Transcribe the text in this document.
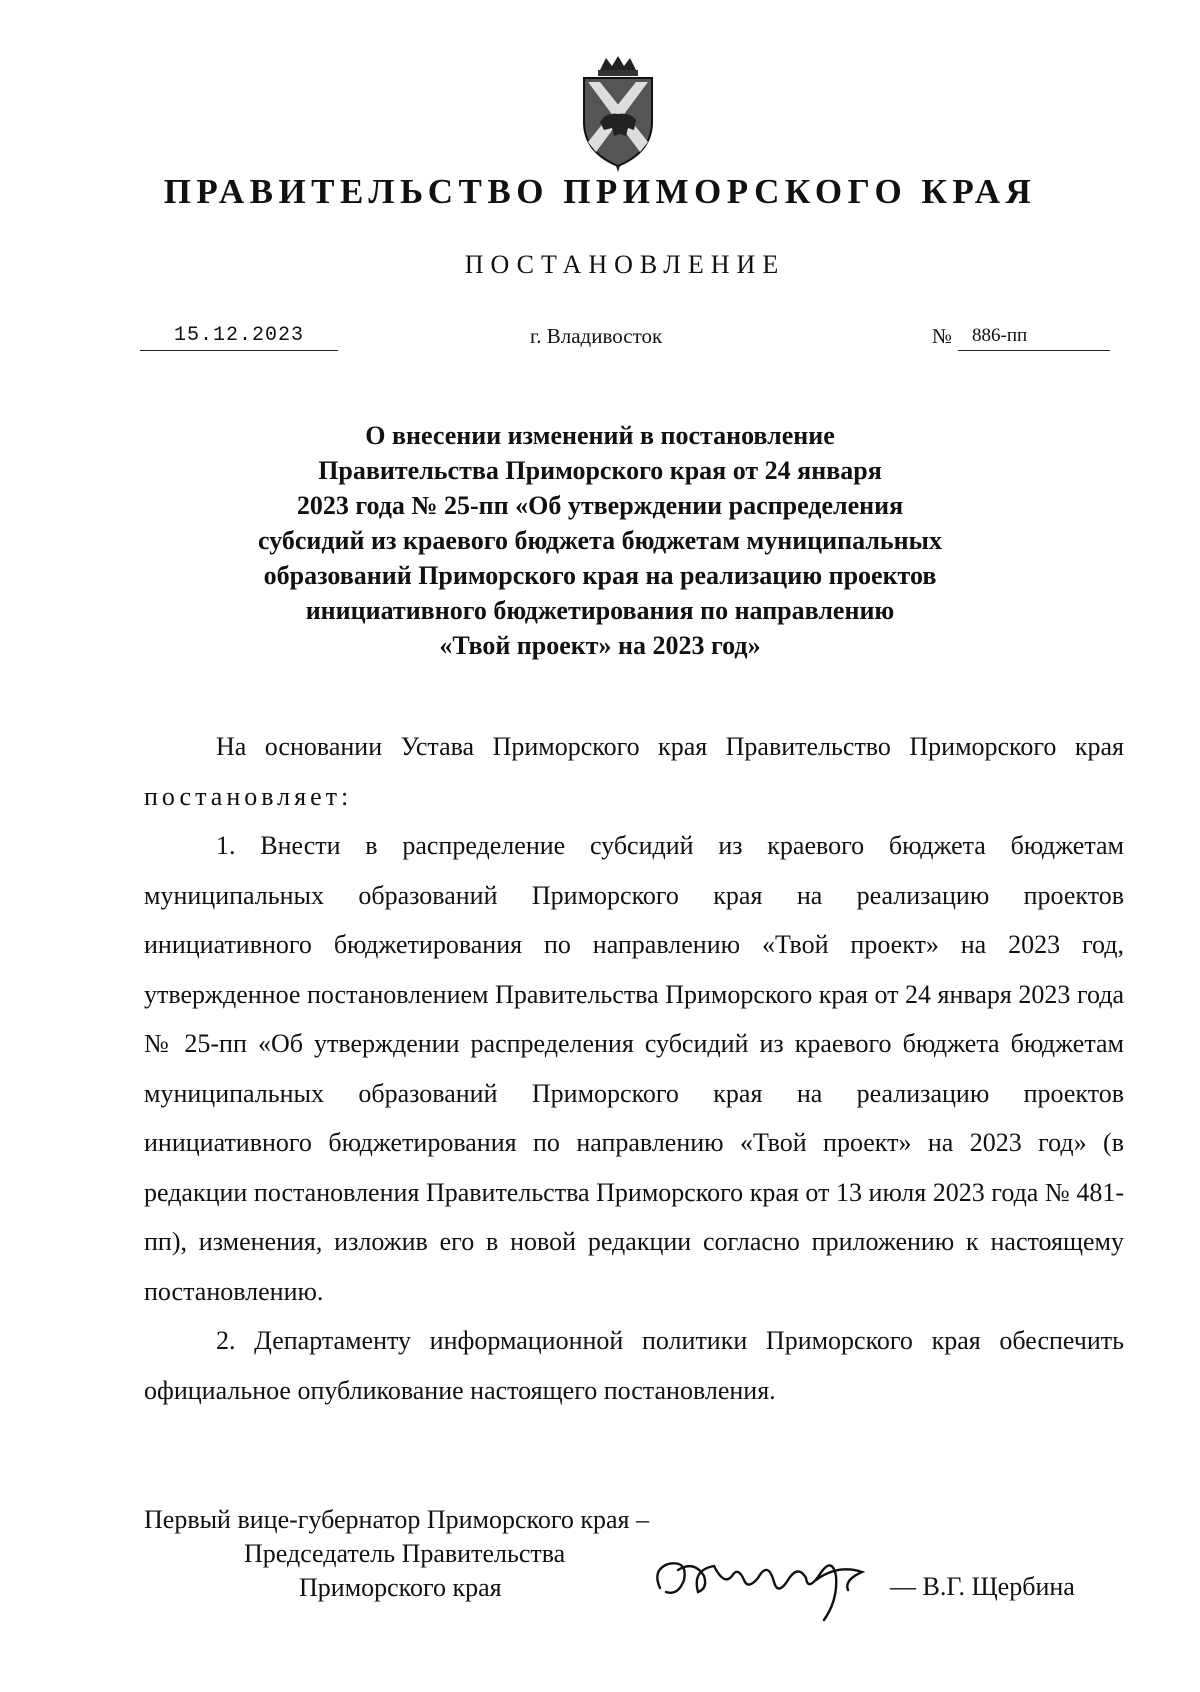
ПРАВИТЕЛЬСТВО ПРИМОРСКОГО КРАЯ
ПОСТАНОВЛЕНИЕ
15.12.2023	г. Владивосток	№	886-пп
О внесении изменений в постановление
Правительства Приморского края от 24 января
2023 года № 25-пп «Об утверждении распределения
субсидий из краевого бюджета бюджетам муниципальных
образований Приморского края на реализацию проектов
инициативного бюджетирования по направлению
«Твой проект» на 2023 год»

На основании Устава Приморского края Правительство Приморского края постановляет:

1. Внести в распределение субсидий из краевого бюджета бюджетам муниципальных образований Приморского края на реализацию проектов инициативного бюджетирования по направлению «Твой проект» на 2023 год, утвержденное постановлением Правительства Приморского края от 24 января 2023 года № 25-пп «Об утверждении распределения субсидий из краевого бюджета бюджетам муниципальных образований Приморского края на реализацию проектов инициативного бюджетирования по направлению «Твой проект» на 2023 год» (в редакции постановления Правительства Приморского края от 13 июля 2023 года № 481-пп), изменения, изложив его в новой редакции согласно приложению к настоящему постановлению.

2. Департаменту информационной политики Приморского края обеспечить официальное опубликование настоящего постановления.

Первый вице-губернатор Приморского края –
Председатель Правительства
Приморского края	— В.Г. Щербина
